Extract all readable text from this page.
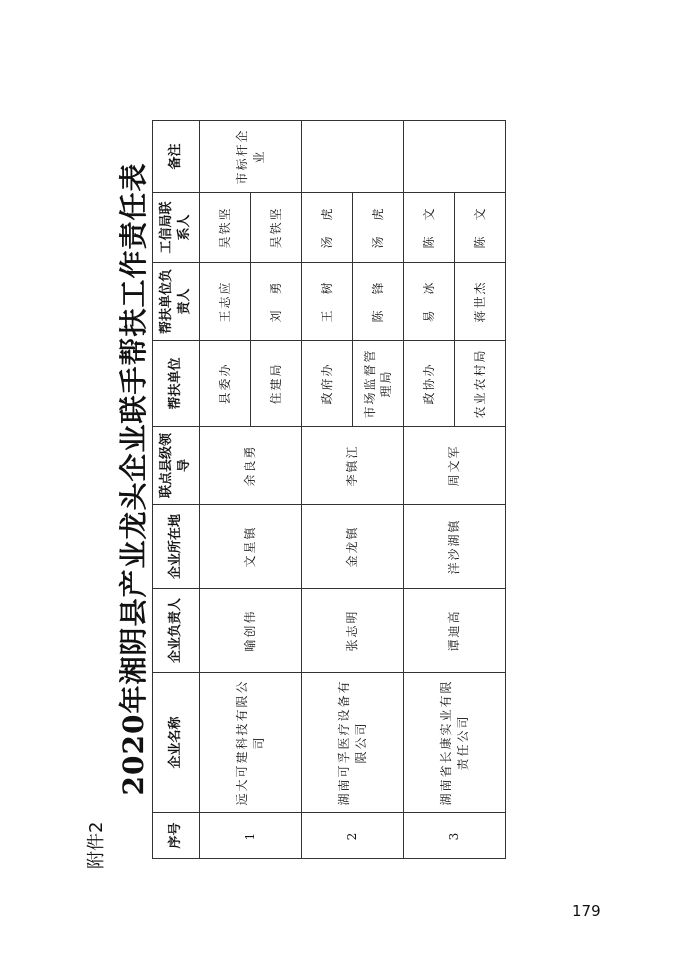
附件2
2020年湘阴县产业龙头企业联手帮扶工作责任表
序号	企业名称	企业负责人	企业所在地	联点县级领导	帮扶单位	帮扶单位负责人	工信局联系人	备注
1	远大可建科技有限公司	喻创伟	文星镇	余良勇	县委办	王志应	吴铁坚	市标杆企业
					住建局	刘　勇	吴铁坚	
2	湖南可孚医疗设备有限公司	张志明	金龙镇	李镇江	政府办	王　树	汤　虎	
					市场监督管理局	陈　锋	汤　虎	
3	湖南省长康实业有限责任公司	谭迪高	洋沙湖镇	周文军	政协办	易　冰	陈　文	
					农业农村局	蒋世杰	陈　文	
179
